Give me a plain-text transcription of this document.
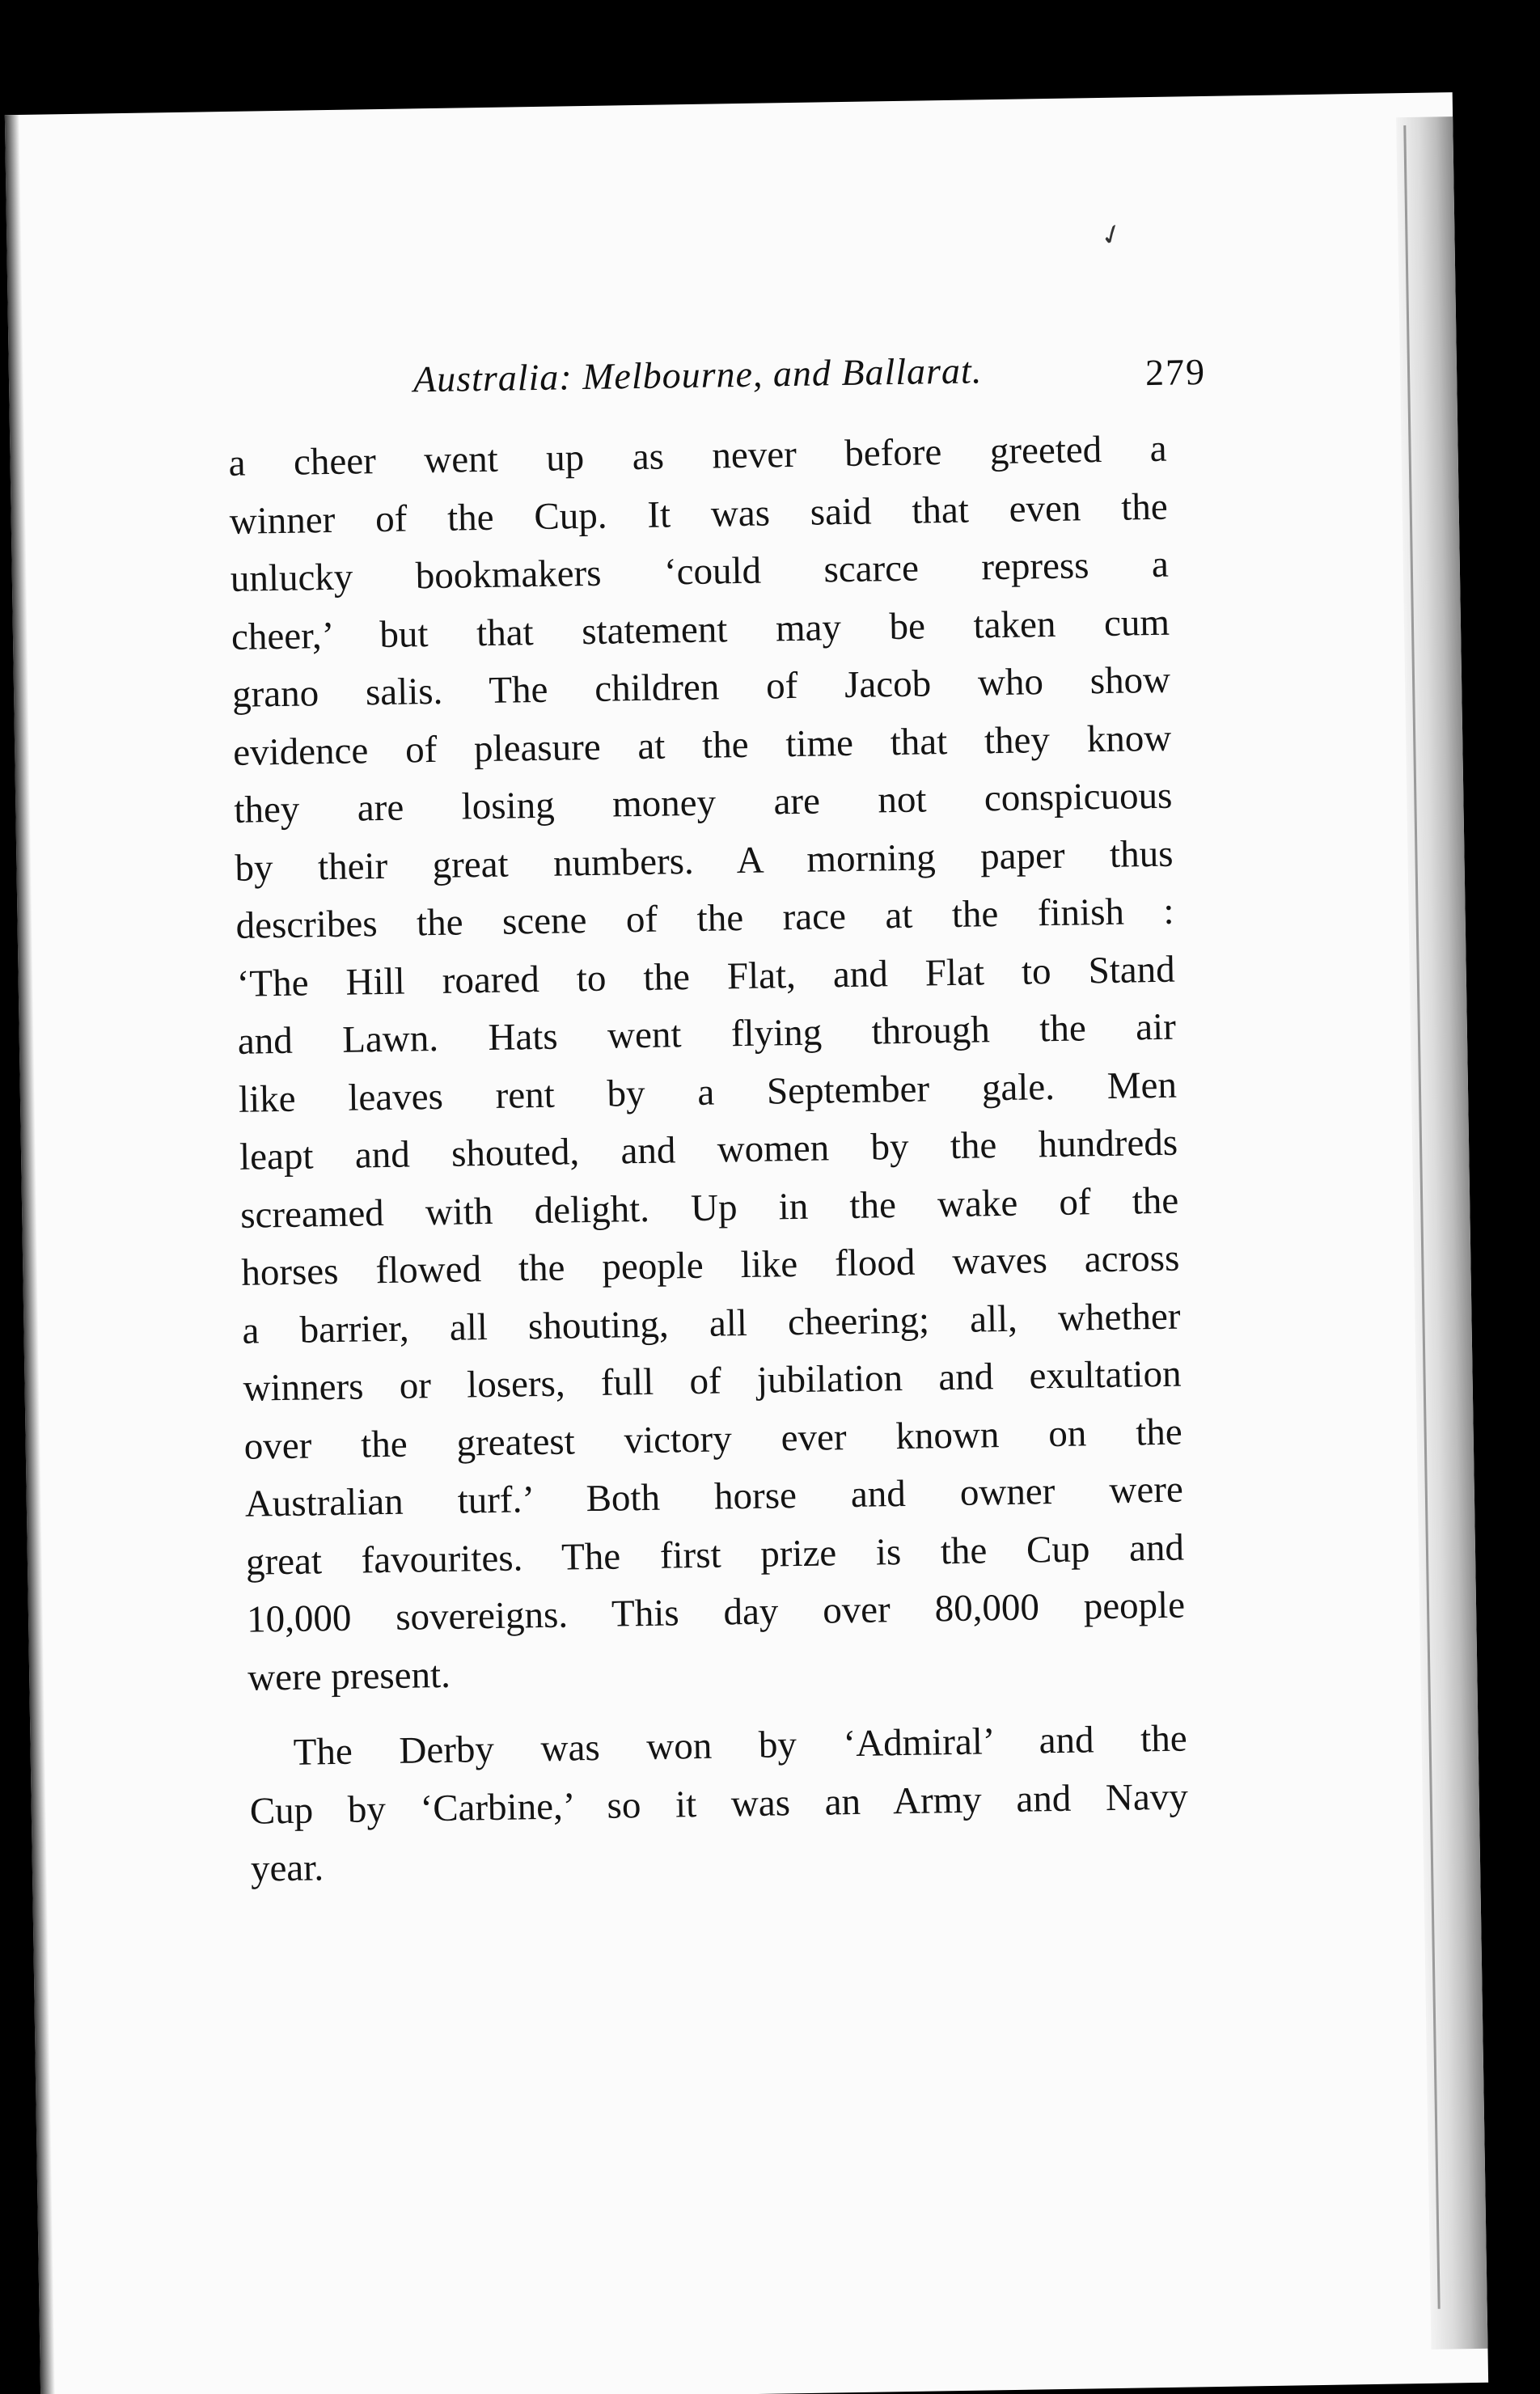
✓
Australia: Melbourne, and Ballarat.	279
a cheer went up as never before greeted a
winner of the Cup. It was said that even the
unlucky bookmakers ‘could scarce repress a
cheer,’ but that statement may be taken cum
grano salis. The children of Jacob who show
evidence of pleasure at the time that they know
they are losing money are not conspicuous
by their great numbers. A morning paper thus
describes the scene of the race at the finish :
‘The Hill roared to the Flat, and Flat to Stand
and Lawn. Hats went flying through the air
like leaves rent by a September gale. Men
leapt and shouted, and women by the hundreds
screamed with delight. Up in the wake of the
horses flowed the people like flood waves across
a barrier, all shouting, all cheering; all, whether
winners or losers, full of jubilation and exultation
over the greatest victory ever known on the
Australian turf.’ Both horse and owner were
great favourites. The first prize is the Cup and
10,000 sovereigns. This day over 80,000 people
were present.
The Derby was won by ‘Admiral’ and the
Cup by ‘Carbine,’ so it was an Army and Navy
year.
